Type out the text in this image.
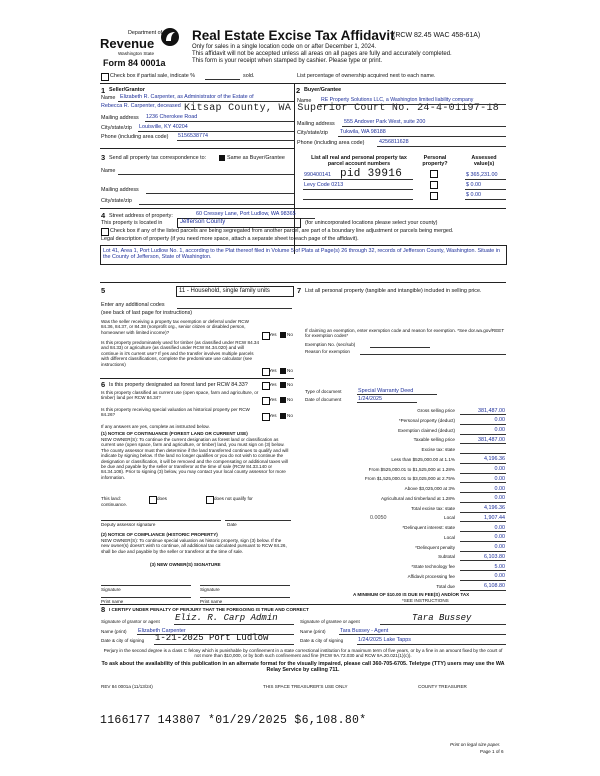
Department of
Revenue
Washington State
Form 84 0001a
Real Estate Excise Tax Affidavit
(RCW 82.45 WAC 458-61A)
Only for sales in a single location code on or after December 1, 2024.
This affidavit will not be accepted unless all areas on all pages are fully and accurately completed.
This form is your receipt when stamped by cashier. Please type or print.
Check box if partial sale, indicate %	sold.	List percentage of ownership acquired next to each name.
1 Seller/Grantor
Name Elizabeth R. Carpenter, as Administrator of the Estate of
Rebecca R. Carpenter, deceased Kitsap County, WA Superior Court No. 24-4-01197-18
Mailing address 1236 Cherokee Road
City/state/zip Louisville, KY 40204
Phone (including area code) 5156538774
2 Buyer/Grantee
Name RE Property Solutions LLC, a Washington limited liability company
Mailing address 555 Andover Park West, suite 200
City/state/zip Tukwila, WA 98188
Phone (including area code)	4256811628
3 Send all property tax correspondence to:	Same as Buyer/Grantee
Name
Mailing address
City/state/zip
List all real and personal property tax parcel account numbers
Personal property?
Assessed value(s)
990400141 pid 39916	$ 365,231.00
Levy Code 0213	$ 0.00
$ 0.00
4 Street address of property:	60 Cressey Lane, Port Ludlow, WA 98365
This property is located in	Jefferson County	(for unincorporated locations please select your county)
Check box if any of the listed parcels are being segregated from another parcel, are part of a boundary line adjustment or parcels being merged.
Legal description of property (if you need more space, attach a separate sheet to each page of the affidavit).
Lot 41, Area 1, Port Ludlow No. 1, according to the Plat thereof filed in Volume 5 of Plats at Page(s) 26 through 32, records of Jefferson County, Washington. Situate in the County of Jefferson, State of Washington.
5	11 - Household, single family units
Enter any additional codes
(see back of last page for instructions)
Was the seller receiving a property tax exemption or deferral under RCW 84.36, 84.37, or 84.38 (nonprofit org., senior citizen or disabled person, homeowner with limited income)?	Yes No
Is this property predominately used for timber (as classified under RCW 84.34 and 84.33) or agriculture (as classified under RCW 84.34.020) and will continue in it's current use? If yes and the transfer involves multiple parcels with different classifications, complete the predominate use calculator (see instructions)
Yes No
6 Is this property designated as forest land per RCW 84.33?	Yes No
Is this property classified as current use (open space, farm and agriculture, or timber) land per RCW 84.34?	Yes No
Is this property receiving special valuation as historical property per RCW 84.26?	Yes No
If any answers are yes, complete as instructed below.
(1) NOTICE OF CONTINUANCE (FOREST LAND OR CURRENT USE)
NEW OWNER(S): To continue the current designation as forest land or classification as current use (open space, farm and agriculture, or timber) land, you must sign on (3) below. The county assessor must then determine if the land transferred continues to qualify and will indicate by signing below. If the land no longer qualifies or you do not wish to continue the designation or classification, it will be removed and the compensating or additional taxes will be due and payable by the seller or transferor at the time of sale (RCW 84.33.140 or 84.34.108). Prior to signing (3) below, you may contact your local county assessor for more information.
This land:	does	does not qualify for
continuance.
Deputy assessor signature	Date
(2) NOTICE OF COMPLIANCE (HISTORIC PROPERTY)
NEW OWNER(S): To continue special valuation as historic property, sign (3) below. If the new owner(s) doesn't wish to continue, all additional tax calculated pursuant to RCW 84.26, shall be due and payable by the seller or transferor at the time of sale.
(3) NEW OWNER(S) SIGNATURE
Signature	Signature
Print name	Print name
7 List all personal property (tangible and intangible) included in selling price.
If claiming an exemption, enter exemption code and reason for exemption. *See dor.wa.gov/REET for exemption codes*
Exemption No. (sec/sub)
Reason for exemption
Type of document	Special Warranty Deed
Date of document	1/24/2025
Gross selling price	381,487.00
*Personal property (deduct)	0.00
Exemption claimed (deduct)	0.00
Taxable selling price	381,487.00
Excise tax: state
Less than $525,000.00 at 1.1%	4,196.36
From $525,000.01 to $1,525,000 at 1.28%	0.00
From $1,525,000.01 to $3,025,000 at 2.75%	0.00
Above $3,025,000 at 3%	0.00
Agricultural and timberland at 1.28%	0.00
Total excise tax: state	4,196.36
Local
0.0050	1,907.44
*Delinquent interest: state	0.00
Local	0.00
*Delinquent penalty	0.00
Subtotal	6,103.80
*State technology fee	5.00
Affidavit processing fee	0.00
Total due	6,108.80
A MINIMUM OF $10.00 IS DUE IN FEE(S) AND/OR TAX
*SEE INSTRUCTIONS
8 I CERTIFY UNDER PENALTY OF PERJURY THAT THE FOREGOING IS TRUE AND CORRECT
Signature of grantor or agent Eliz. R. Carp Admin
Name (print) Elizabeth Carpenter
Date & city of signing 1-21-2025 Port Ludlow
Signature of grantee or agent	Tara Bussey
Name (print)	Tara Bussey - Agent
Date & city of signing	1/24/2025 Lake Tapps
Perjury in the second degree is a class C felony which is punishable by confinement in a state correctional institution for a maximum term of five years, or by a fine in an amount fixed by the court of not more than $10,000, or by both such confinement and fine (RCW 9A.72.030 and RCW 9A.20.021(1)(c)).
To ask about the availability of this publication in an alternate format for the visually impaired, please call 360-705-6705. Teletype (TTY) users may use the WA Relay Service by calling 711.
REV 84 0001a (11/13/24)	THIS SPACE TREASURER'S USE ONLY	COUNTY TREASURER
1166177 143807 *01/29/2025 $6,108.80*
Print on legal size paper.
Page 1 of 6
